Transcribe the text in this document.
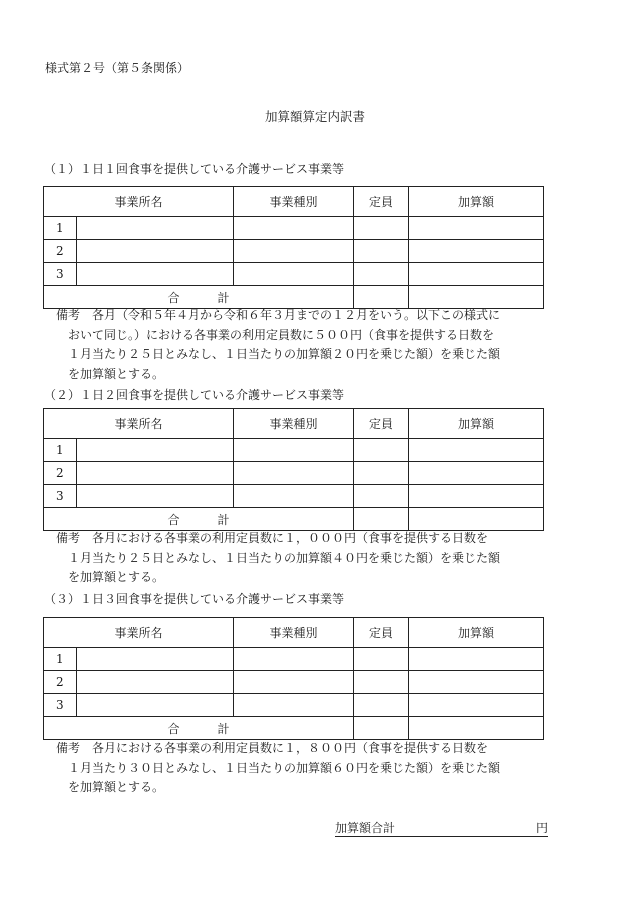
様式第２号（第５条関係）
加算額算定内訳書
（１）１日１回食事を提供している介護サービス事業等
事業所名		事業種別	定員	加算額
1				
2				
3				
合計				
備考　各月（令和５年４月から令和６年３月までの１２月をいう。以下この様式に
おいて同じ。）における各事業の利用定員数に５００円（食事を提供する日数を
１月当たり２５日とみなし、１日当たりの加算額２０円を乗じた額）を乗じた額
を加算額とする。
（２）１日２回食事を提供している介護サービス事業等
事業所名		事業種別	定員	加算額
1				
2				
3				
合計				
備考　各月における各事業の利用定員数に１，０００円（食事を提供する日数を
１月当たり２５日とみなし、１日当たりの加算額４０円を乗じた額）を乗じた額
を加算額とする。
（３）１日３回食事を提供している介護サービス事業等
事業所名		事業種別	定員	加算額
1				
2				
3				
合計				
備考　各月における各事業の利用定員数に１，８００円（食事を提供する日数を
１月当たり３０日とみなし、１日当たりの加算額６０円を乗じた額）を乗じた額
を加算額とする。
加算額合計	円
